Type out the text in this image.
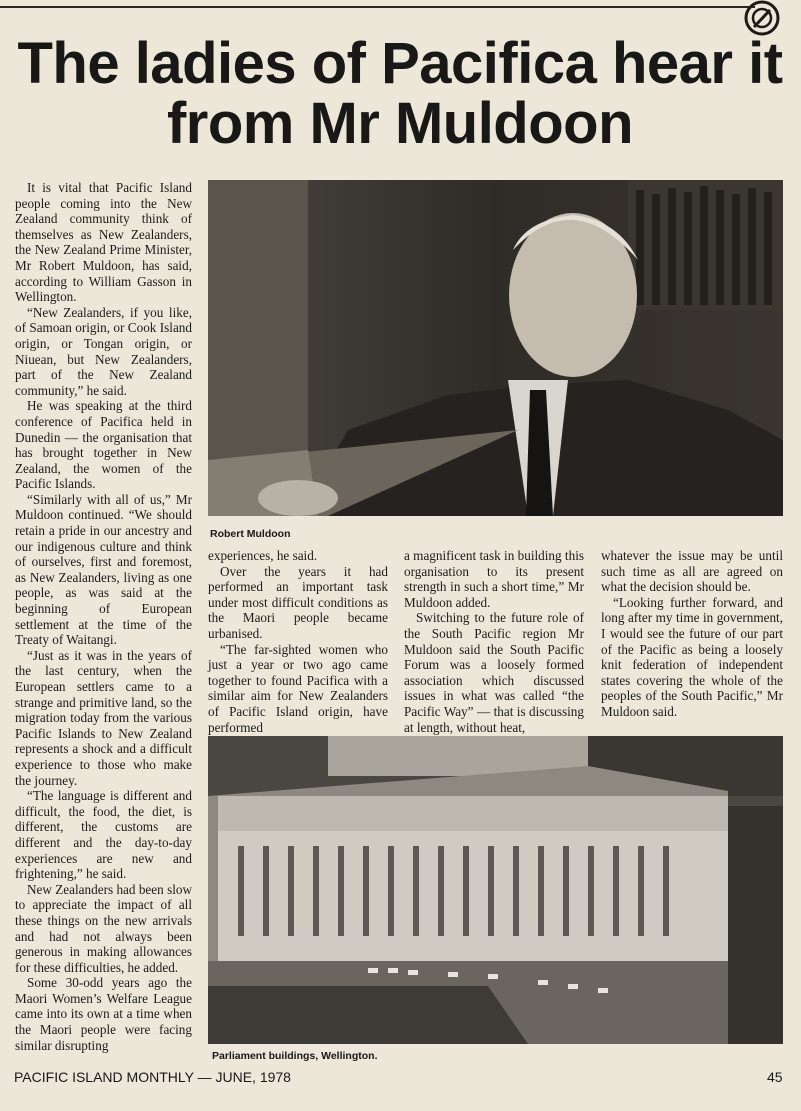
The ladies of Pacifica hear it from Mr Muldoon

It is vital that Pacific Island people coming into the New Zealand community think of themselves as New Zealanders, the New Zealand Prime Minister, Mr Robert Muldoon, has said, according to William Gasson in Wellington.

“New Zealanders, if you like, of Samoan origin, or Cook Island origin, or Tongan origin, or Niuean, but New Zealanders, part of the New Zealand community,” he said.

He was speaking at the third conference of Pacifica held in Dunedin — the organisation that has brought together in New Zealand, the women of the Pacific Islands.

“Similarly with all of us,” Mr Muldoon continued. “We should retain a pride in our ancestry and our indigenous culture and think of ourselves, first and foremost, as New Zealanders, living as one people, as was said at the beginning of European settlement at the time of the Treaty of Waitangi.

“Just as it was in the years of the last century, when the European settlers came to a strange and primitive land, so the migration today from the various Pacific Islands to New Zealand represents a shock and a difficult experience to those who make the journey.

“The language is different and difficult, the food, the diet, is different, the customs are different and the day-to-day experiences are new and frightening,” he said.

New Zealanders had been slow to appreciate the impact of all these things on the new arrivals and had not always been generous in making allowances for these difficulties, he added.

Some 30-odd years ago the Maori Women’s Welfare League came into its own at a time when the Maori people were facing similar disrupting

Robert Muldoon

experiences, he said.

Over the years it had performed an important task under most difficult conditions as the Maori people became urbanised.

“The far-sighted women who just a year or two ago came together to found Pacifica with a similar aim for New Zealanders of Pacific Island origin, have performed

a magnificent task in building this organisation to its present strength in such a short time,” Mr Muldoon added.

Switching to the future role of the South Pacific region Mr Muldoon said the South Pacific Forum was a loosely formed association which discussed issues in what was called “the Pacific Way” — that is discussing at length, without heat,

whatever the issue may be until such time as all are agreed on what the decision should be.

“Looking further forward, and long after my time in government, I would see the future of our part of the Pacific as being a loosely knit federation of independent states covering the whole of the peoples of the South Pacific,” Mr Muldoon said.

Parliament buildings, Wellington.

PACIFIC ISLAND MONTHLY — JUNE, 1978	45
